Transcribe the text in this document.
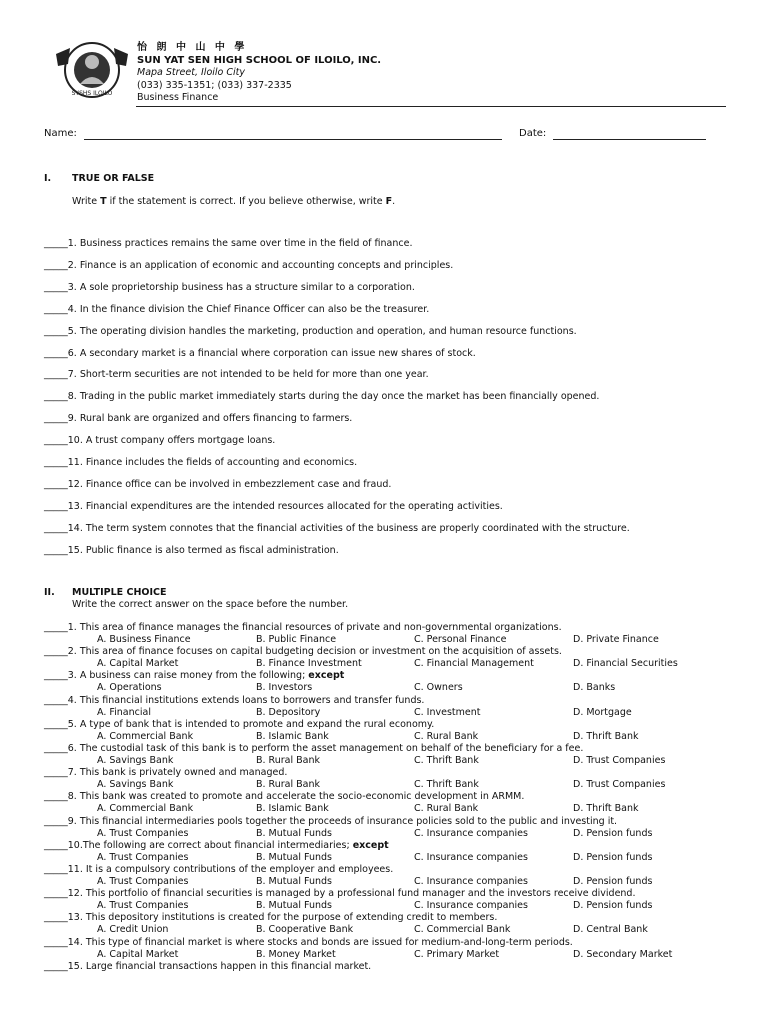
SYSHS ILOILO
怡 朗 中 山 中 學
SUN YAT SEN HIGH SCHOOL OF ILOILO, INC.
Mapa Street, Iloilo City
(033) 335-1351; (033) 337-2335
Business Finance
Name:	Date:
I. TRUE OR FALSE
Write T if the statement is correct. If you believe otherwise, write F.
_____1. Business practices remains the same over time in the field of finance.
_____2. Finance is an application of economic and accounting concepts and principles.
_____3. A sole proprietorship business has a structure similar to a corporation.
_____4. In the finance division the Chief Finance Officer can also be the treasurer.
_____5. The operating division handles the marketing, production and operation, and human resource functions.
_____6. A secondary market is a financial where corporation can issue new shares of stock.
_____7. Short-term securities are not intended to be held for more than one year.
_____8. Trading in the public market immediately starts during the day once the market has been financially opened.
_____9. Rural bank are organized and offers financing to farmers.
_____10. A trust company offers mortgage loans.
_____11. Finance includes the fields of accounting and economics.
_____12. Finance office can be involved in embezzlement case and fraud.
_____13. Financial expenditures are the intended resources allocated for the operating activities.
_____14. The term system connotes that the financial activities of the business are properly coordinated with the structure.
_____15. Public finance is also termed as fiscal administration.
II. MULTIPLE CHOICE
Write the correct answer on the space before the number.
_____1. This area of finance manages the financial resources of private and non-governmental organizations.
A. Business Finance	B. Public Finance	C. Personal Finance	D. Private Finance
_____2. This area of finance focuses on capital budgeting decision or investment on the acquisition of assets.
A. Capital Market	B. Finance Investment	C. Financial Management	D. Financial Securities
_____3. A business can raise money from the following; except
A. Operations	B. Investors	C. Owners	D. Banks
_____4. This financial institutions extends loans to borrowers and transfer funds.
A. Financial	B. Depository	C. Investment	D. Mortgage
_____5. A type of bank that is intended to promote and expand the rural economy.
A. Commercial Bank	B. Islamic Bank	C. Rural Bank	D. Thrift Bank
_____6. The custodial task of this bank is to perform the asset management on behalf of the beneficiary for a fee.
A. Savings Bank	B. Rural Bank	C. Thrift Bank	D. Trust Companies
_____7. This bank is privately owned and managed.
A. Savings Bank	B. Rural Bank	C. Thrift Bank	D. Trust Companies
_____8. This bank was created to promote and accelerate the socio-economic development in ARMM.
A. Commercial Bank	B. Islamic Bank	C. Rural Bank	D. Thrift Bank
_____9. This financial intermediaries pools together the proceeds of insurance policies sold to the public and investing it.
A. Trust Companies	B. Mutual Funds	C. Insurance companies	D. Pension funds
_____10.The following are correct about financial intermediaries; except
A. Trust Companies	B. Mutual Funds	C. Insurance companies	D. Pension funds
_____11. It is a compulsory contributions of the employer and employees.
A. Trust Companies	B. Mutual Funds	C. Insurance companies	D. Pension funds
_____12. This portfolio of financial securities is managed by a professional fund manager and the investors receive dividend.
A. Trust Companies	B. Mutual Funds	C. Insurance companies	D. Pension funds
_____13. This depository institutions is created for the purpose of extending credit to members.
A. Credit Union	B. Cooperative Bank	C. Commercial Bank	D. Central Bank
_____14. This type of financial market is where stocks and bonds are issued for medium-and-long-term periods.
A. Capital Market	B. Money Market	C. Primary Market	D. Secondary Market
_____15. Large financial transactions happen in this financial market.
